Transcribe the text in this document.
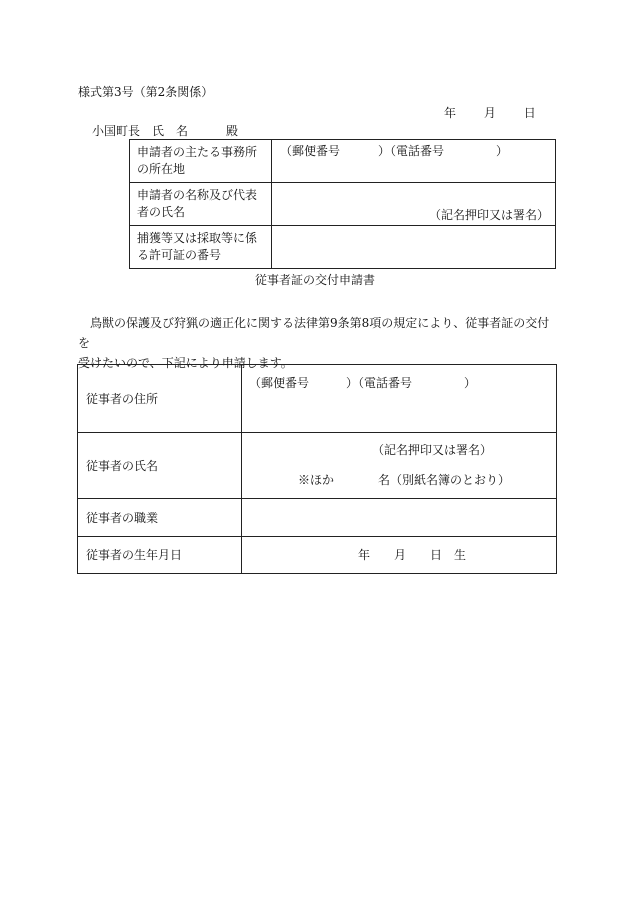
様式第3号（第2条関係）
年 月 日
小国町長 氏　名	殿
申請者の主たる事務所の所在地	（郵便番号 ）（電話番号 ）

申請者の名称及び代表者の氏名	（記名押印又は署名）

捕獲等又は採取等に係る許可証の番号	
従事者証の交付申請書

鳥獣の保護及び狩猟の適正化に関する法律第9条第8項の規定により、従事者証の交付を

受けたいので、下記により申請します。

従事者の住所	（郵便番号 ）（電話番号 ）

従事者の氏名	（記名押印又は署名）
※ほか 名（別紙名簿のとおり）

従事者の職業	
従事者の生年月日	年 月 日 生
